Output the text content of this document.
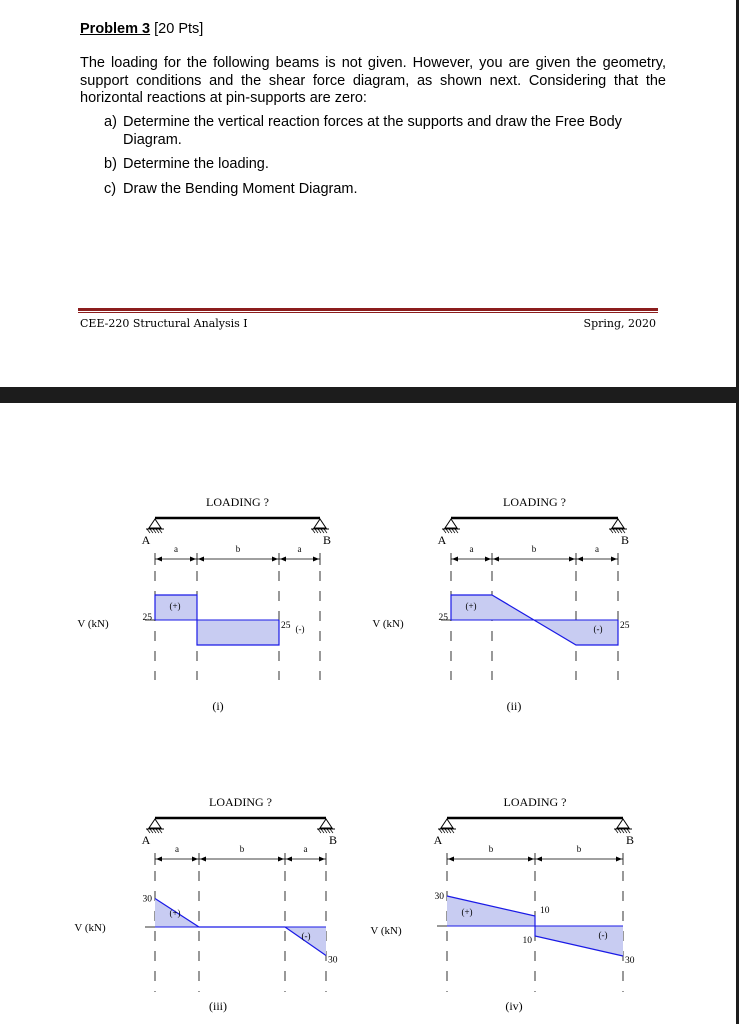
Problem 3 [20 Pts]
The loading for the following beams is not given. However, you are given the geometry, support conditions and the shear force diagram, as shown next. Considering that the horizontal reactions at pin-supports are zero:
a) Determine the vertical reaction forces at the supports and draw the Free Body Diagram.
b) Determine the loading.
c) Draw the Bending Moment Diagram.
CEE-220 Structural Analysis I	Spring, 2020
LOADING ?
A	B
a	b	a
V (kN)	25
25
(+)
(-)
(i)
LOADING ?
A	B
a	b	a
V (kN)	25
25
(+)
(-)
(ii)
LOADING ?
A	B
a	b	a
V (kN)
30
30
(+)
(-)
(iii)
LOADING ?
A	B
b	b
V (kN)
30
30
10
10
(+)
(-)
(iv)
